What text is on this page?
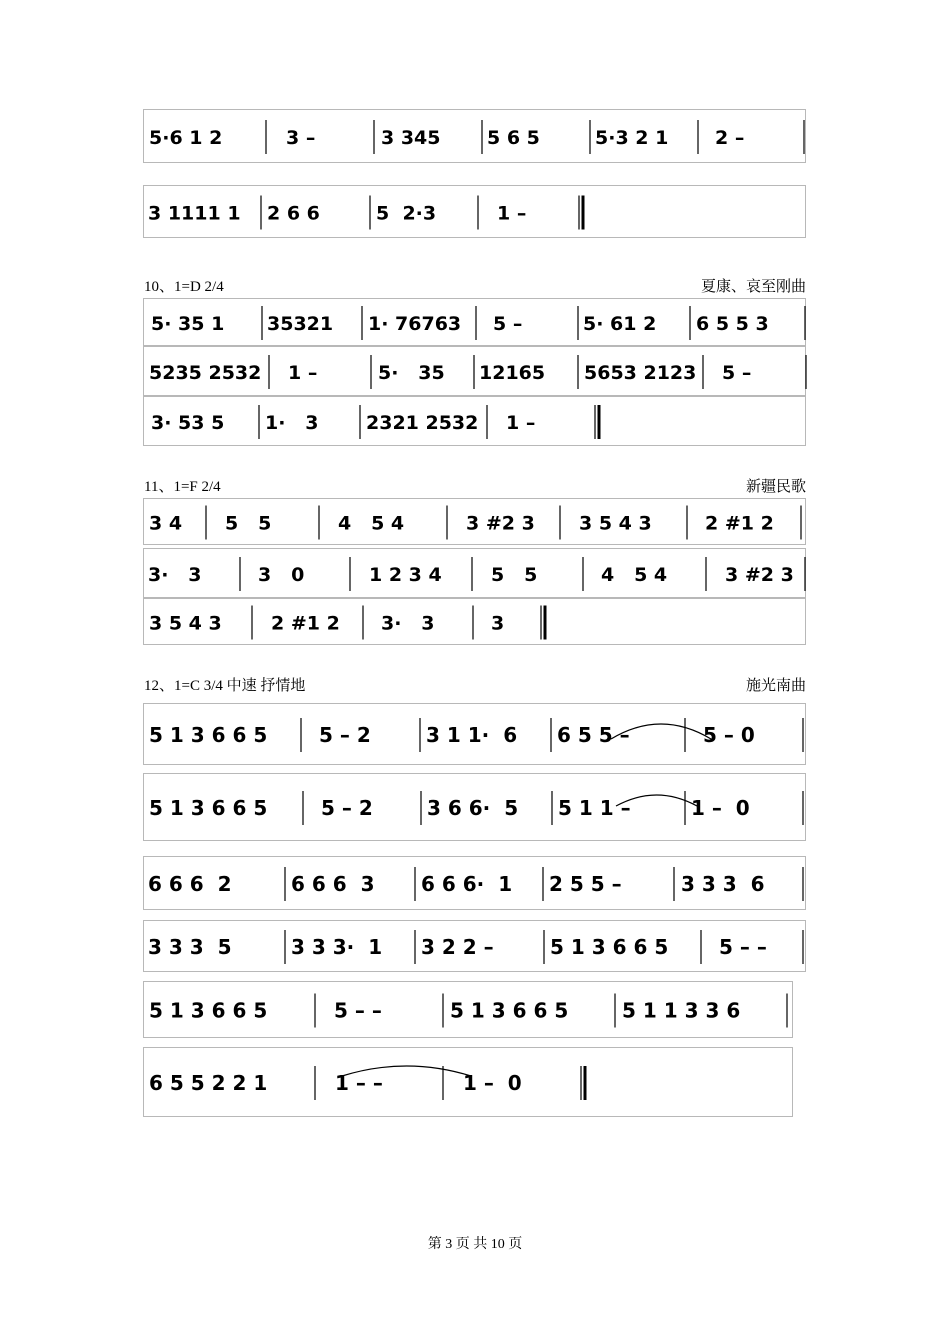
5·6 1 2	3 –	3 345 5 6 5	5·3 2 1 2 –
3 1111 1 2 6 6	5  2·3	1 –
10、1=D 2/4	夏康、哀至刚曲
5· 35 1 35321 1· 76763 5 –	5· 61 2 6 5 5 3
5235 2532 1 –	5·   35 12165 5653 2123 5 –
3· 53 5 1·   3 2321 2532 1 –
11、1=F 2/4	新疆民歌
3 4 5   5	4   5 4	3 #2 3 3 5 4 3	2 #1 2
3·   3	3   0	1 2 3 4	5   5	4   5 4	3 #2 3
3 5 4 3	2 #1 2 3·   3	3
12、1=C 3/4 中速 抒情地	施光南曲
5 1 3 6 6 5	5 – 2	3 1 1·  6 6 5 5 –	5 – 0
5 1 3 6 6 5	5 – 2	3 6 6·  5 5 1 1 –	1 –  0
6 6 6  2	6 6 6  3 6 6 6·  1 2 5 5 –	3 3 3  6
3 3 3  5	3 3 3·  1 3 2 2 –	5 1 3 6 6 5	5 – –
5 1 3 6 6 5	5 – –	5 1 3 6 6 5	5 1 1 3 3 6
6 5 5 2 2 1	1 – –	1 –  0
第 3 页 共 10 页
